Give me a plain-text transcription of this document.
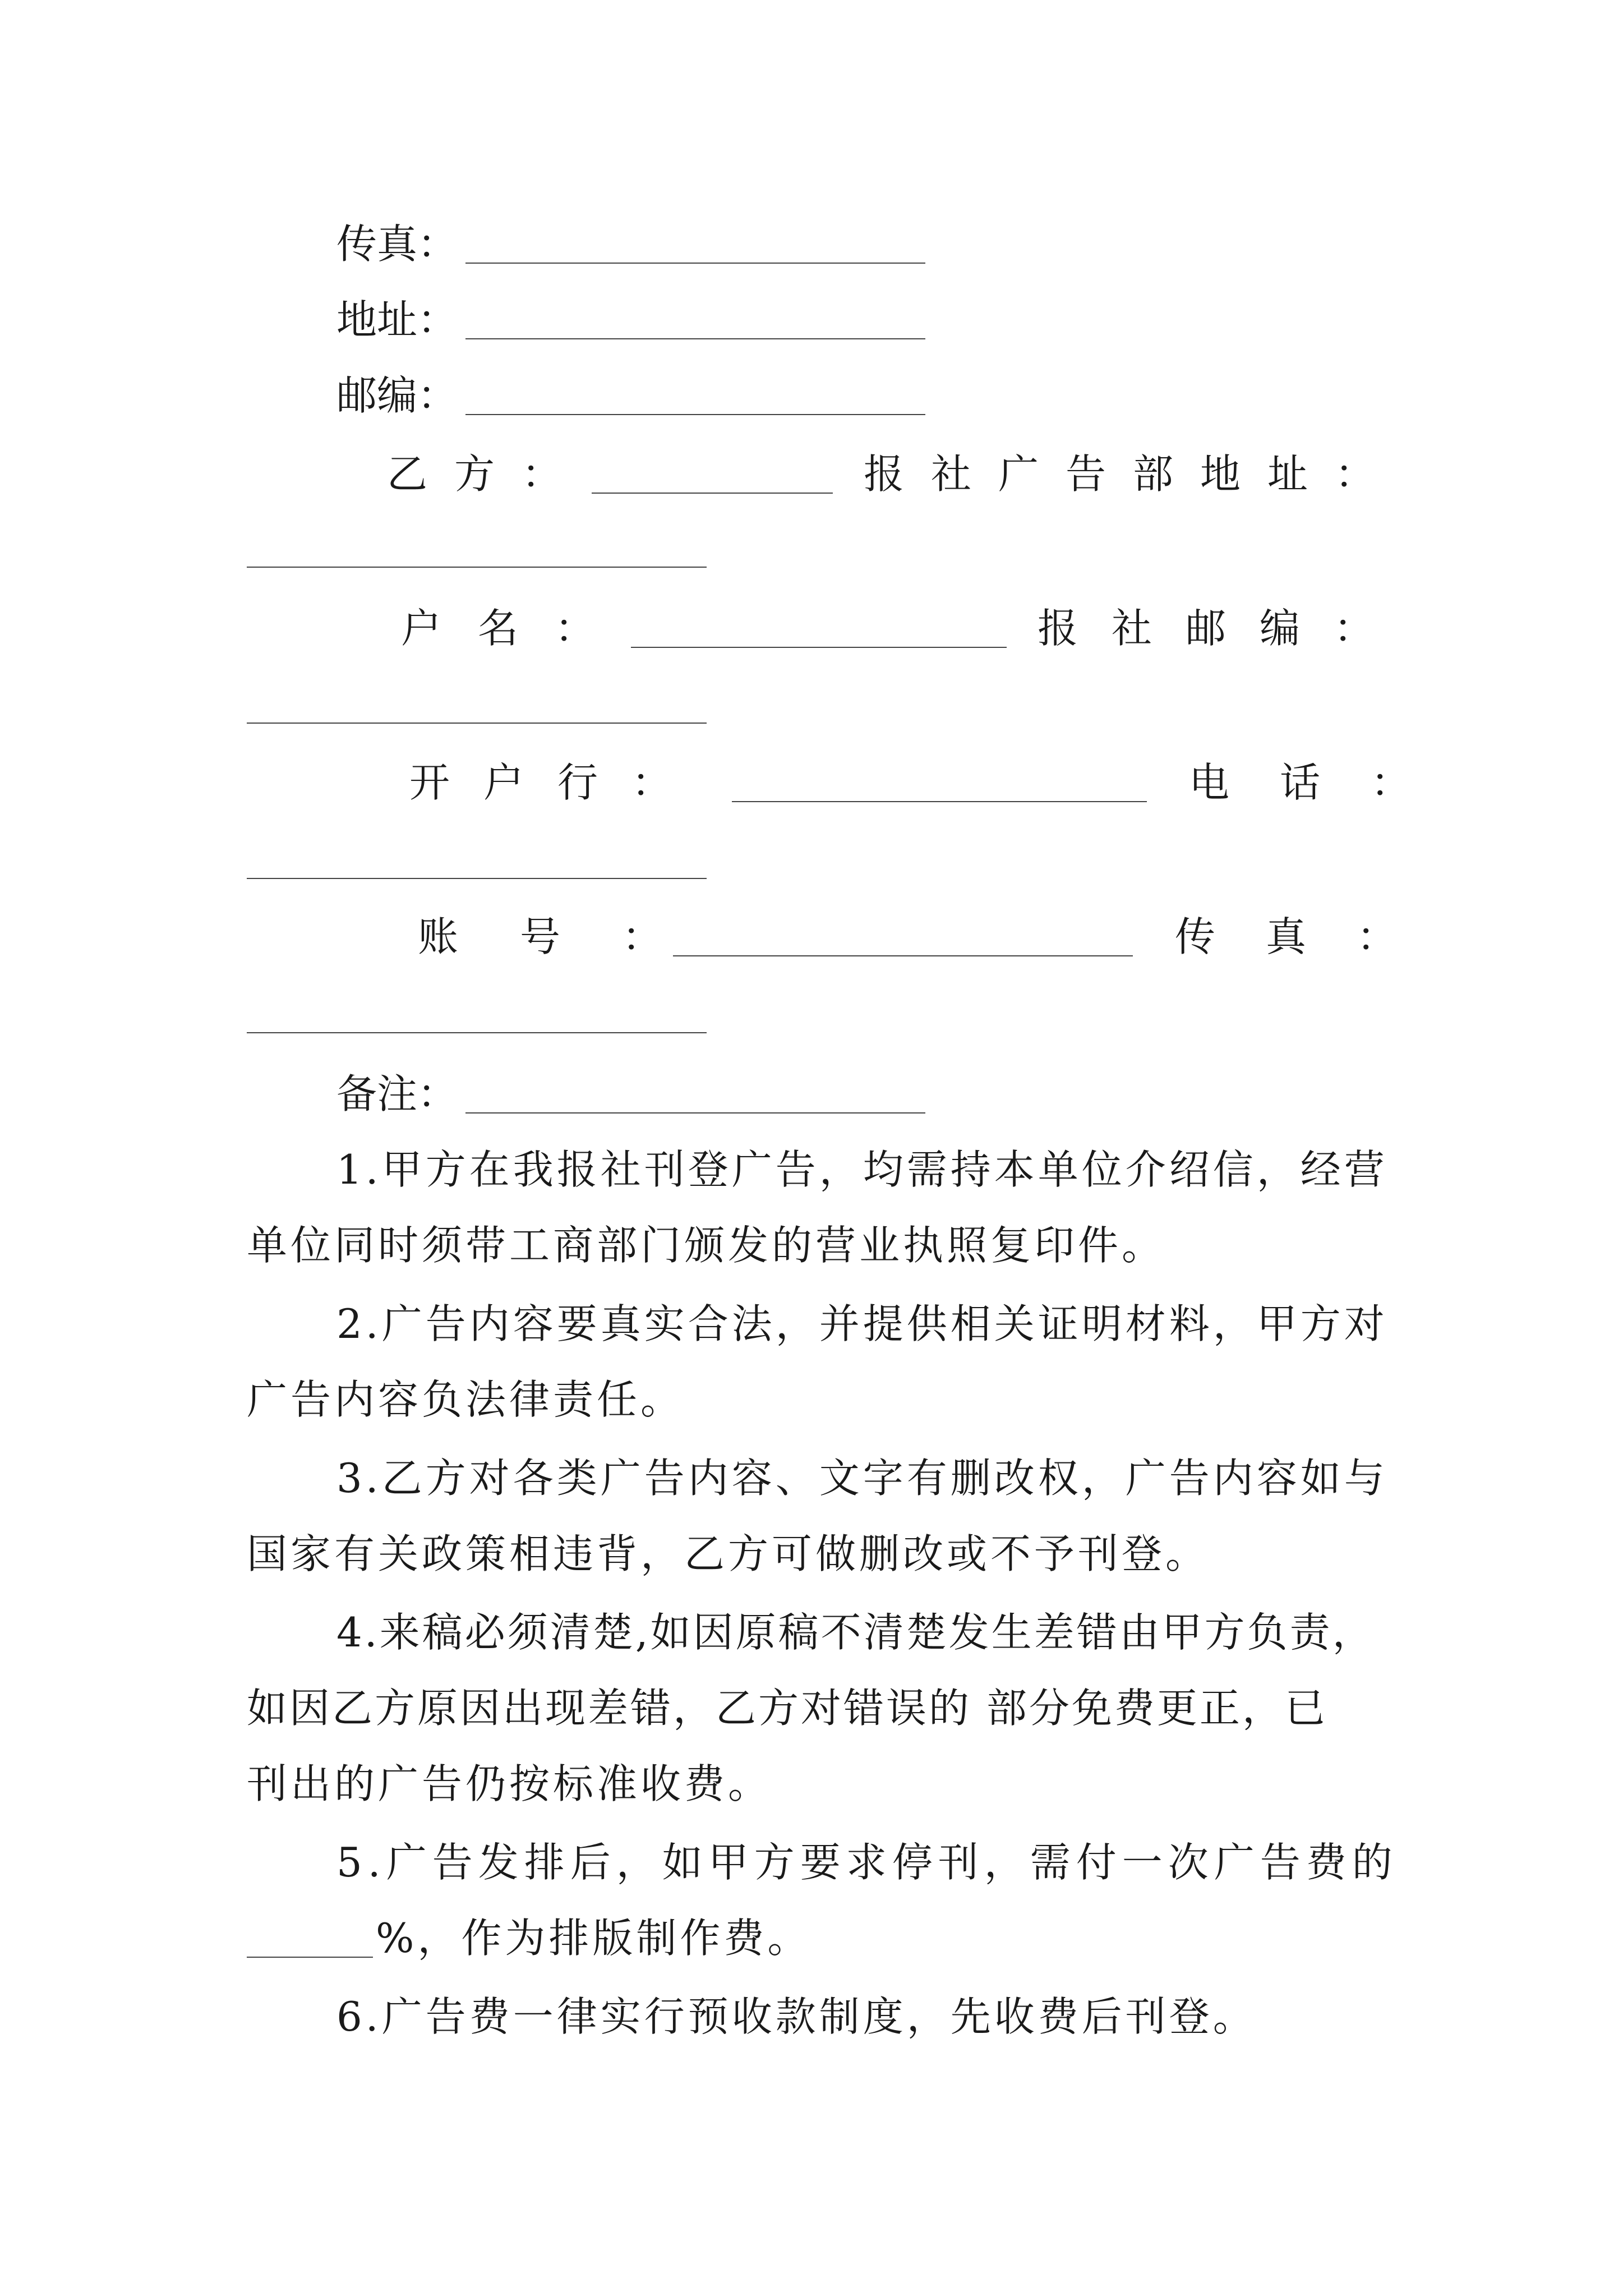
传真：
地址：
邮编：
乙方：	报社广告部地址：
户名：	报社邮编：
开户行：	电话：
账号：	传真：
备注：
1.甲方在我报社刊登广告，均需持本单位介绍信，经营
单位同时须带工商部门颁发的营业执照复印件。
2.广告内容要真实合法，并提供相关证明材料，甲方对
广告内容负法律责任。
3.乙方对各类广告内容、文字有删改权，广告内容如与
国家有关政策相违背，乙方可做删改或不予刊登。
4.来稿必须清楚,如因原稿不清楚发生差错由甲方负责，
如因乙方原因出现差错，乙方对错误的 部分免费更正，已
刊出的广告仍按标准收费。
5.广告发排后，如甲方要求停刊，需付一次广告费的
%，作为排版制作费。
6.广告费一律实行预收款制度，先收费后刊登。
